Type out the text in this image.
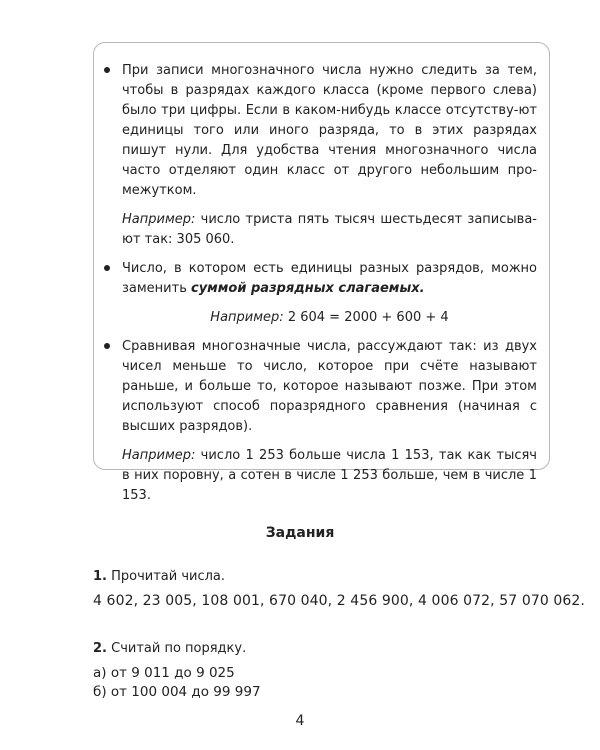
При записи многозначного числа нужно следить за тем, чтобы в разрядах каждого класса (кроме первого слева) было три цифры. Если в каком-нибудь классе отсутству-ют единицы того или иного разряда, то в этих разрядах пишут нули. Для удобства чтения многозначного числа часто отделяют один класс от другого небольшим про-межутком.
Например: число триста пять тысяч шестьдесят записыва-ют так: 305 060.
Число, в котором есть единицы разных разрядов, можно заменить суммой разрядных слагаемых.
Например: 2 604 = 2000 + 600 + 4
Сравнивая многозначные числа, рассуждают так: из двух чисел меньше то число, которое при счёте называют раньше, и больше то, которое называют позже. При этом используют способ поразрядного сравнения (начиная с высших разрядов).
Например: число 1 253 больше числа 1 153, так как тысяч в них поровну, а сотен в числе 1 253 больше, чем в числе 1 153.
Задания
1. Прочитай числа.
4 602, 23 005, 108 001, 670 040, 2 456 900, 4 006 072, 57 070 062.
2. Считай по порядку.
а) от 9 011 до 9 025
б) от 100 004 до 99 997
4
